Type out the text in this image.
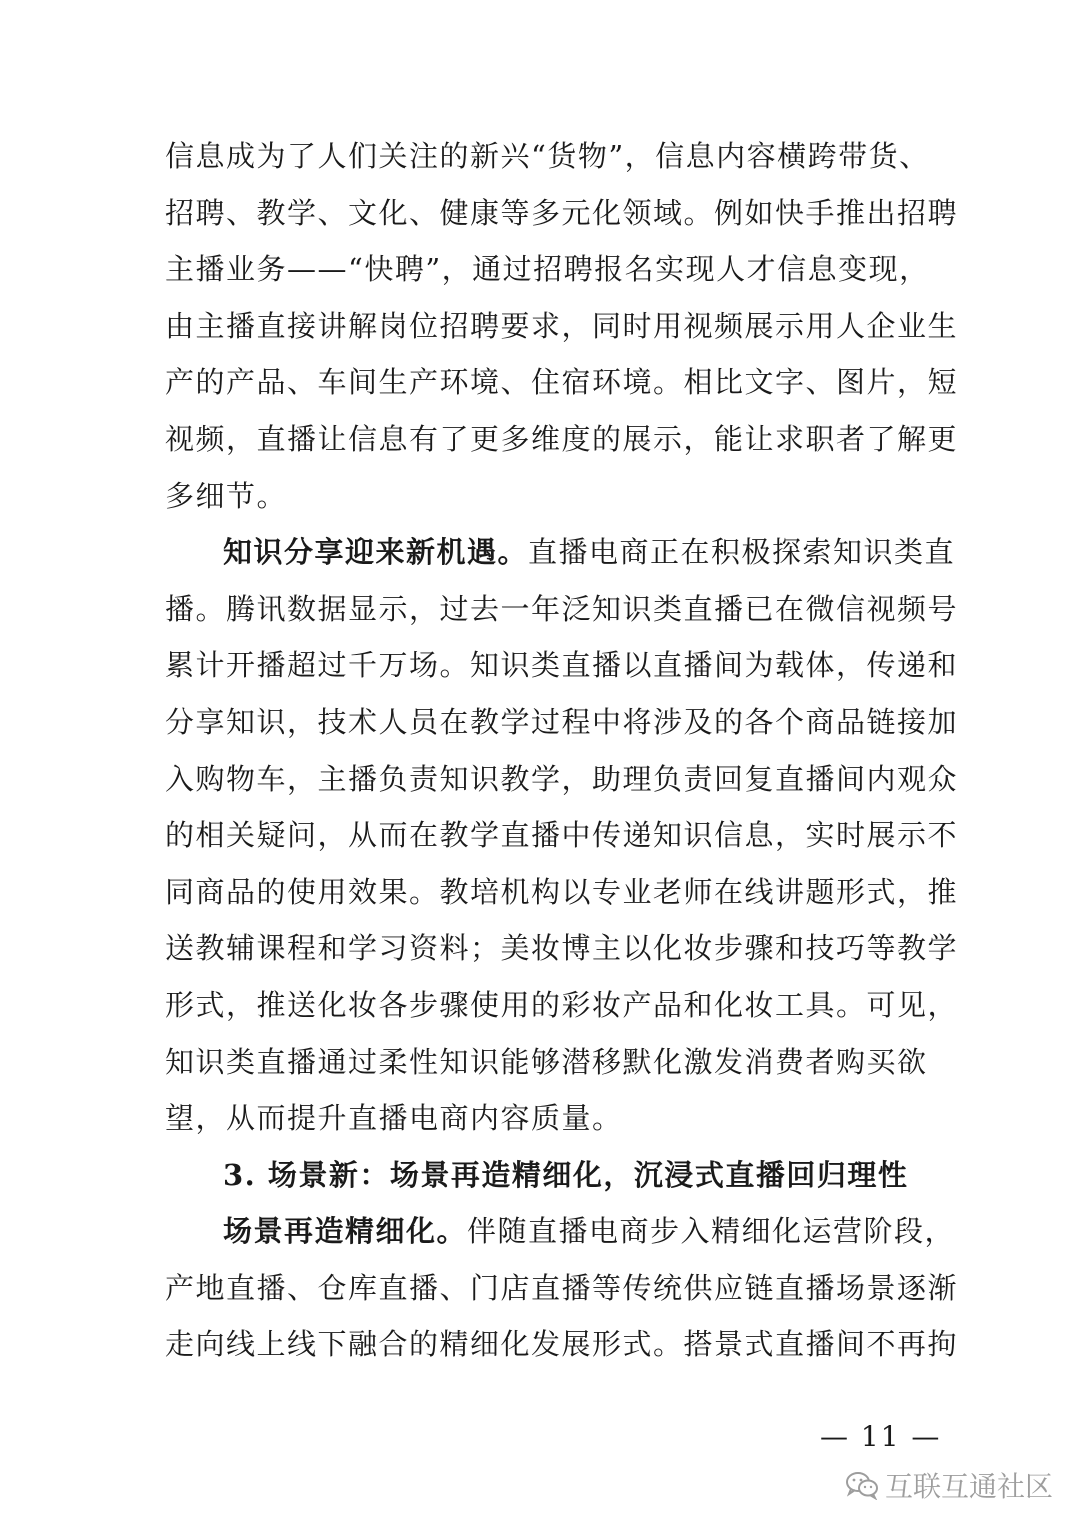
信息成为了人们关注的新兴“货物”，信息内容横跨带货、
招聘、教学、文化、健康等多元化领域。例如快手推出招聘
主播业务——“快聘”，通过招聘报名实现人才信息变现，
由主播直接讲解岗位招聘要求，同时用视频展示用人企业生
产的产品、车间生产环境、住宿环境。相比文字、图片，短
视频，直播让信息有了更多维度的展示，能让求职者了解更
多细节。
知识分享迎来新机遇。直播电商正在积极探索知识类直
播。腾讯数据显示，过去一年泛知识类直播已在微信视频号
累计开播超过千万场。知识类直播以直播间为载体，传递和
分享知识，技术人员在教学过程中将涉及的各个商品链接加
入购物车，主播负责知识教学，助理负责回复直播间内观众
的相关疑问，从而在教学直播中传递知识信息，实时展示不
同商品的使用效果。教培机构以专业老师在线讲题形式，推
送教辅课程和学习资料；美妆博主以化妆步骤和技巧等教学
形式，推送化妆各步骤使用的彩妆产品和化妆工具。可见，
知识类直播通过柔性知识能够潜移默化激发消费者购买欲
望，从而提升直播电商内容质量。
3. 场景新：场景再造精细化，沉浸式直播回归理性
场景再造精细化。伴随直播电商步入精细化运营阶段，
产地直播、仓库直播、门店直播等传统供应链直播场景逐渐
走向线上线下融合的精细化发展形式。搭景式直播间不再拘
— 11 —
互联互通社区
